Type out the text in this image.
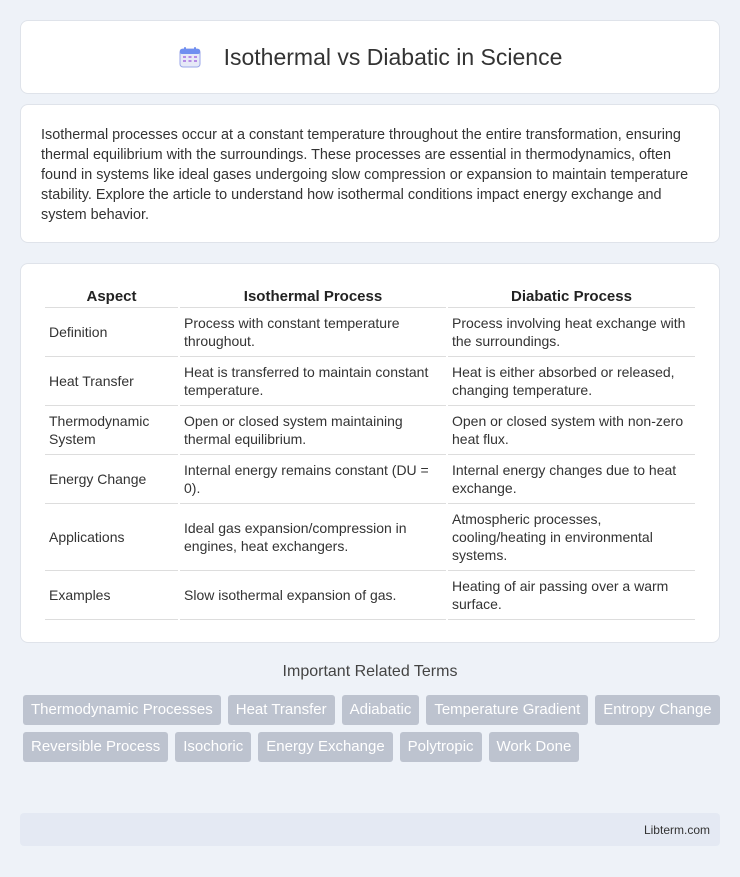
Isothermal vs Diabatic in Science

Isothermal processes occur at a constant temperature throughout the entire transformation, ensuring thermal equilibrium with the surroundings. These processes are essential in thermodynamics, often found in systems like ideal gases undergoing slow compression or expansion to maintain temperature stability. Explore the article to understand how isothermal conditions impact energy exchange and system behavior.

Aspect	Isothermal Process	Diabatic Process
Definition	Process with constant temperature throughout.	Process involving heat exchange with the surroundings.
Heat Transfer	Heat is transferred to maintain constant temperature.	Heat is either absorbed or released, changing temperature.
Thermodynamic System	Open or closed system maintaining thermal equilibrium.	Open or closed system with non-zero heat flux.
Energy Change	Internal energy remains constant (DU = 0).	Internal energy changes due to heat exchange.
Applications	Ideal gas expansion/compression in engines, heat exchangers.	Atmospheric processes, cooling/heating in environmental systems.
Examples	Slow isothermal expansion of gas.	Heating of air passing over a warm surface.
Important Related Terms
Thermodynamic Processes	Heat Transfer	Adiabatic	Temperature Gradient	Entropy Change
Reversible Process	Isochoric	Energy Exchange	Polytropic	Work Done
Libterm.com
